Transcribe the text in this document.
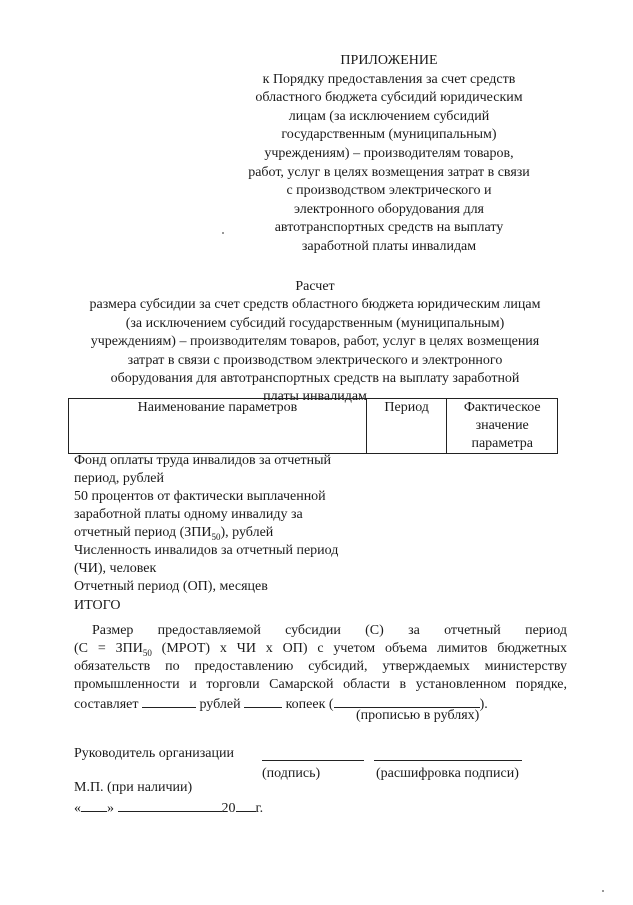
ПРИЛОЖЕНИЕ
к Порядку предоставления за счет средств
областного бюджета субсидий юридическим
лицам (за исключением субсидий
государственным (муниципальным)
учреждениям) – производителям товаров,
работ, услуг в целях возмещения затрат в связи
с производством электрического и
электронного оборудования для
автотранспортных средств на выплату
заработной платы инвалидам
Расчет
размера субсидии за счет средств областного бюджета юридическим лицам
(за исключением субсидий государственным (муниципальным)
учреждениям) – производителям товаров, работ, услуг в целях возмещения
затрат в связи с производством электрического и электронного
оборудования для автотранспортных средств на выплату заработной
платы инвалидам
Наименование параметров	Период	Фактическое
значение
параметра
Фонд оплаты труда инвалидов за отчетный
период, рублей
50 процентов от фактически выплаченной
заработной платы одному инвалиду за
отчетный период $(ЗПИ_{50})$, рублей
Численность инвалидов за отчетный период
(ЧИ), человек
Отчетный период (ОП), месяцев
ИТОГО
Размер предоставляемой субсидии (С) за отчетный период
($С = ЗПИ_{50}$ (МРОТ) х ЧИ х ОП) с учетом объема лимитов бюджетных
обязательств по предоставлению субсидий, утверждаемых министерству
промышленности и торговли Самарской области в установленном порядке,
составляет	рублей	копеек (	).
(прописью в рублях)
Руководитель организации
(подпись)	(расшифровка подписи)
М.П. (при наличии)
« »	20 г.
